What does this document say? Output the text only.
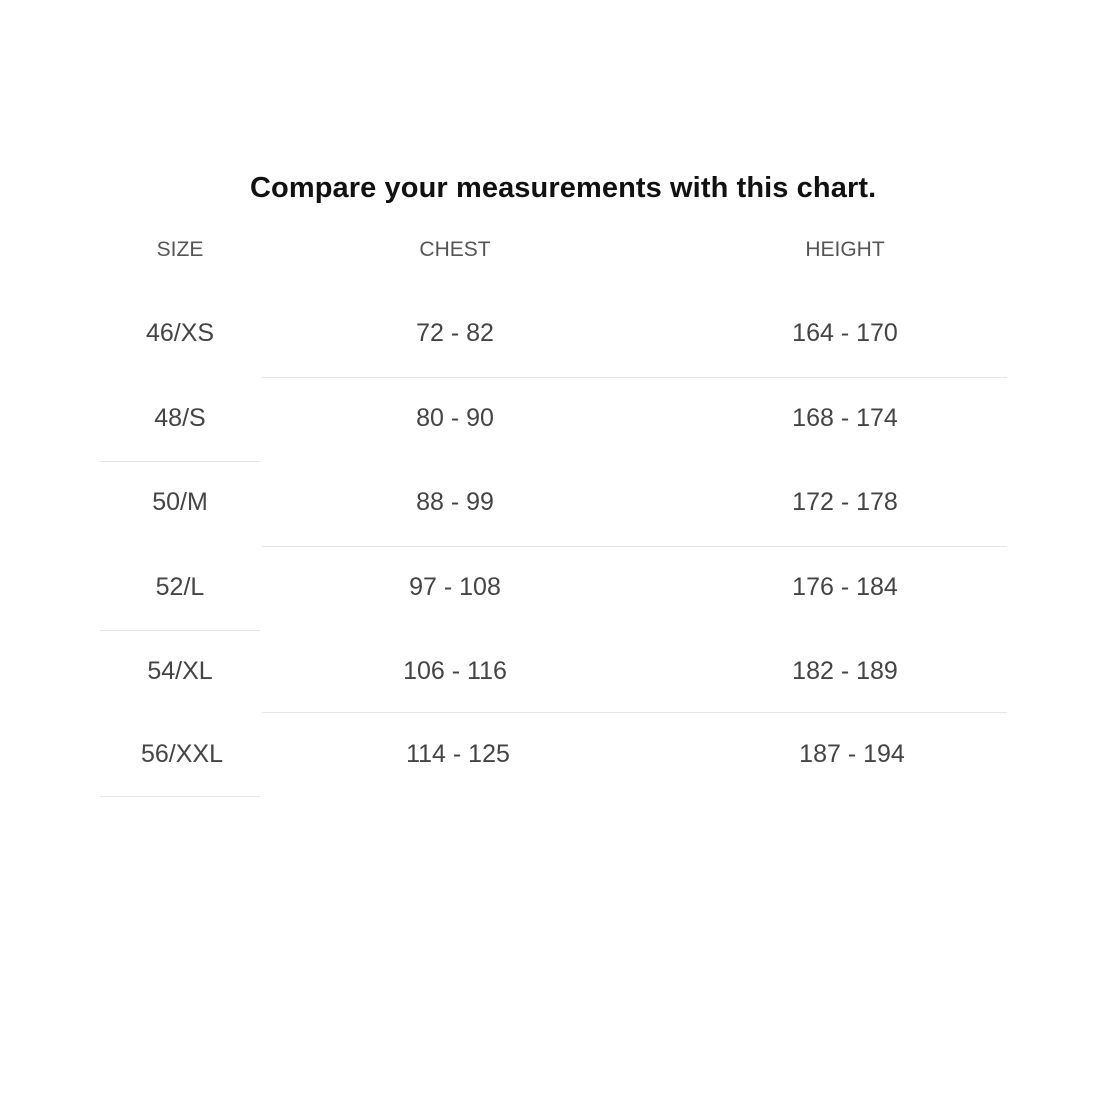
Compare your measurements with this chart.
SIZE	CHEST	HEIGHT
46/XS	72 - 82	164 - 170
48/S	80 - 90	168 - 174
50/M	88 - 99	172 - 178
52/L	97 - 108	176 - 184
54/XL	106 - 116	182 - 189
56/XXL	114 - 125	187 - 194
